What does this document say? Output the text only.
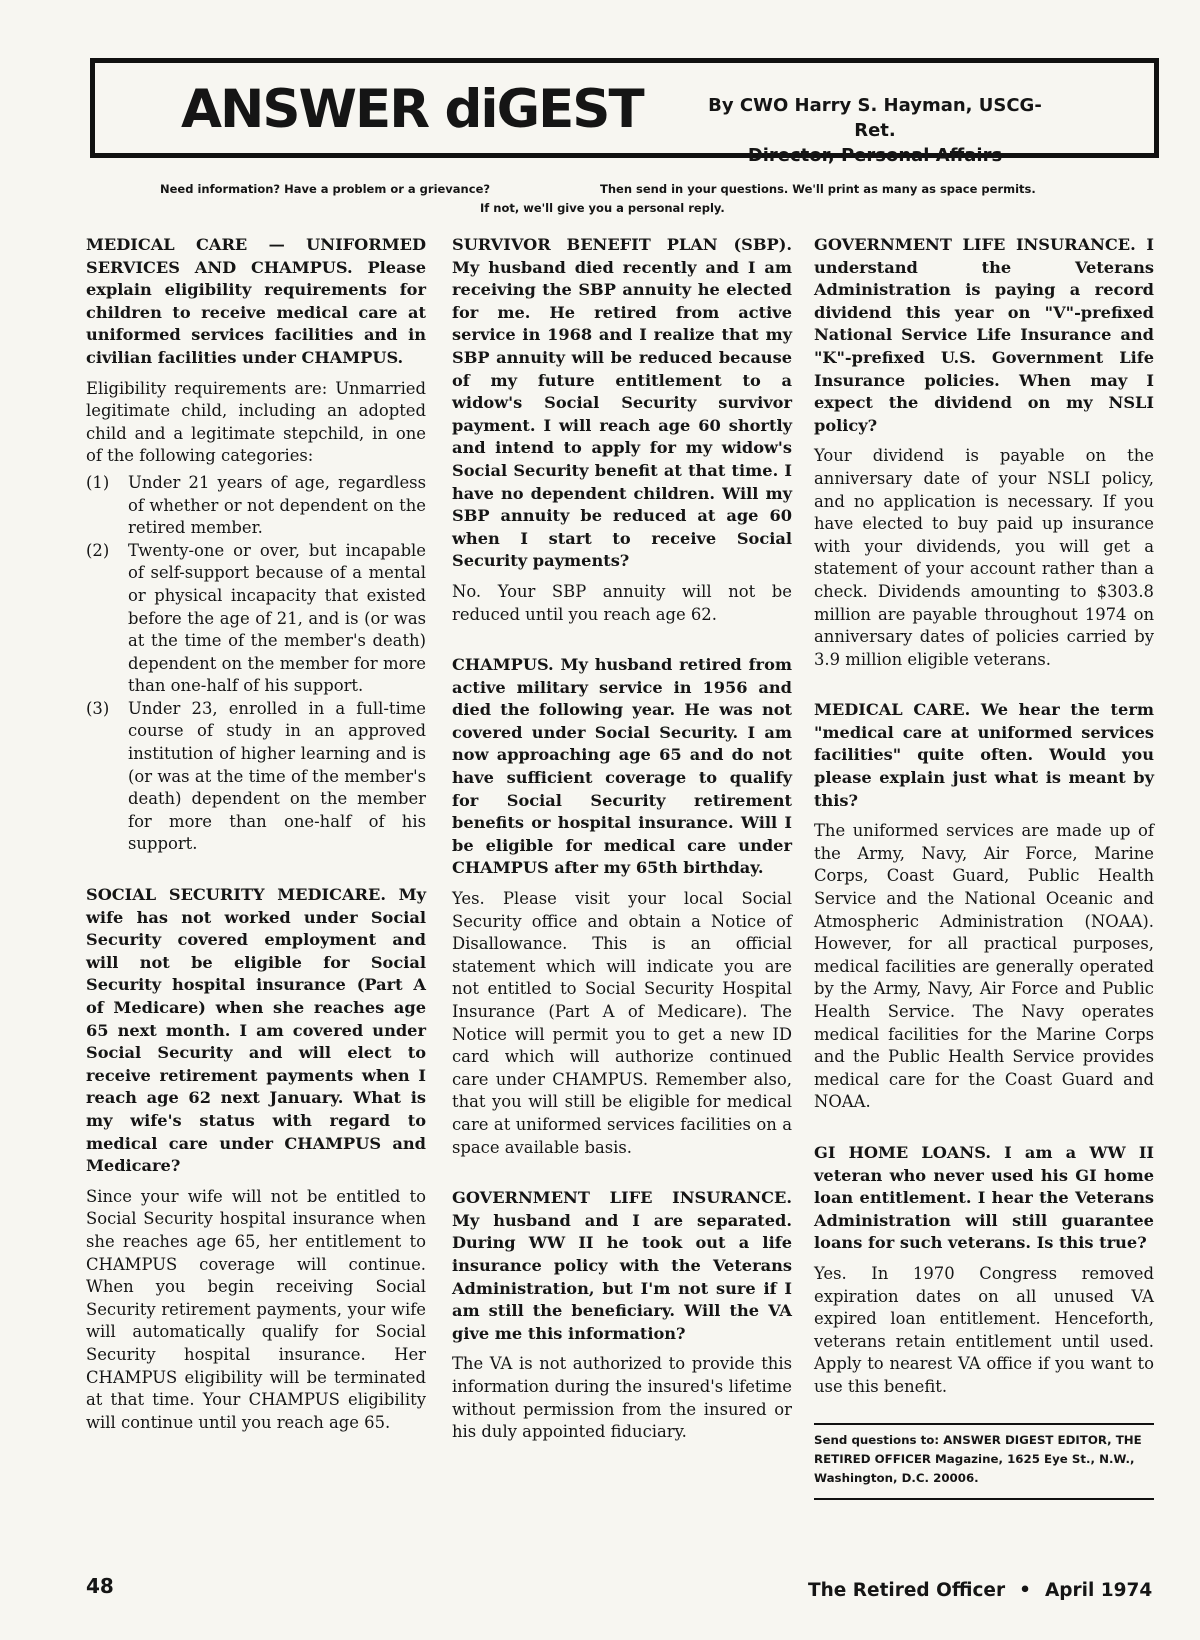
ANSWER diGEST	By CWO Harry S. Hayman, USCG-Ret.
Director, Personal Affairs
Need information? Have a problem or a grievance?	Then send in your questions. We'll print as many as space permits.
If not, we'll give you a personal reply.

MEDICAL CARE — UNIFORMED SERVICES AND CHAMPUS. Please explain eligibility requirements for children to receive medical care at uniformed services facilities and in civilian facilities under CHAMPUS.

Eligibility requirements are: Unmarried legitimate child, including an adopted child and a legitimate stepchild, in one of the following categories:

(1) Under 21 years of age, regardless of whether or not dependent on the retired member.
(2) Twenty-one or over, but incapable of self-support because of a mental or physical incapacity that existed before the age of 21, and is (or was at the time of the member's death) dependent on the member for more than one-half of his support.
(3) Under 23, enrolled in a full-time course of study in an approved institution of higher learning and is (or was at the time of the member's death) dependent on the member for more than one-half of his support.

SOCIAL SECURITY MEDICARE. My wife has not worked under Social Security covered employment and will not be eligible for Social Security hospital insurance (Part A of Medicare) when she reaches age 65 next month. I am covered under Social Security and will elect to receive retirement payments when I reach age 62 next January. What is my wife's status with regard to medical care under CHAMPUS and Medicare?

Since your wife will not be entitled to Social Security hospital insurance when she reaches age 65, her entitlement to CHAMPUS coverage will continue. When you begin receiving Social Security retirement payments, your wife will automatically qualify for Social Security hospital insurance. Her CHAMPUS eligibility will be terminated at that time. Your CHAMPUS eligibility will continue until you reach age 65.

SURVIVOR BENEFIT PLAN (SBP). My husband died recently and I am receiving the SBP annuity he elected for me. He retired from active service in 1968 and I realize that my SBP annuity will be reduced because of my future entitlement to a widow's Social Security survivor payment. I will reach age 60 shortly and intend to apply for my widow's Social Security benefit at that time. I have no dependent children. Will my SBP annuity be reduced at age 60 when I start to receive Social Security payments?

No. Your SBP annuity will not be reduced until you reach age 62.

CHAMPUS. My husband retired from active military service in 1956 and died the following year. He was not covered under Social Security. I am now approaching age 65 and do not have sufficient coverage to qualify for Social Security retirement benefits or hospital insurance. Will I be eligible for medical care under CHAMPUS after my 65th birthday.

Yes. Please visit your local Social Security office and obtain a Notice of Disallowance. This is an official statement which will indicate you are not entitled to Social Security Hospital Insurance (Part A of Medicare). The Notice will permit you to get a new ID card which will authorize continued care under CHAMPUS. Remember also, that you will still be eligible for medical care at uniformed services facilities on a space available basis.

GOVERNMENT LIFE INSURANCE. My husband and I are separated. During WW II he took out a life insurance policy with the Veterans Administration, but I'm not sure if I am still the beneficiary. Will the VA give me this information?

The VA is not authorized to provide this information during the insured's lifetime without permission from the insured or his duly appointed fiduciary.

GOVERNMENT LIFE INSURANCE. I understand the Veterans Administration is paying a record dividend this year on "V"-prefixed National Service Life Insurance and "K"-prefixed U.S. Government Life Insurance policies. When may I expect the dividend on my NSLI policy?

Your dividend is payable on the anniversary date of your NSLI policy, and no application is necessary. If you have elected to buy paid up insurance with your dividends, you will get a statement of your account rather than a check. Dividends amounting to $303.8 million are payable throughout 1974 on anniversary dates of policies carried by 3.9 million eligible veterans.

MEDICAL CARE. We hear the term "medical care at uniformed services facilities" quite often. Would you please explain just what is meant by this?

The uniformed services are made up of the Army, Navy, Air Force, Marine Corps, Coast Guard, Public Health Service and the National Oceanic and Atmospheric Administration (NOAA). However, for all practical purposes, medical facilities are generally operated by the Army, Navy, Air Force and Public Health Service. The Navy operates medical facilities for the Marine Corps and the Public Health Service provides medical care for the Coast Guard and NOAA.

GI HOME LOANS. I am a WW II veteran who never used his GI home loan entitlement. I hear the Veterans Administration will still guarantee loans for such veterans. Is this true?

Yes. In 1970 Congress removed expiration dates on all unused VA expired loan entitlement. Henceforth, veterans retain entitlement until used. Apply to nearest VA office if you want to use this benefit.

Send questions to: ANSWER DIGEST EDITOR, THE RETIRED OFFICER Magazine, 1625 Eye St., N.W., Washington, D.C. 20006.
48	The Retired Officer • April 1974
